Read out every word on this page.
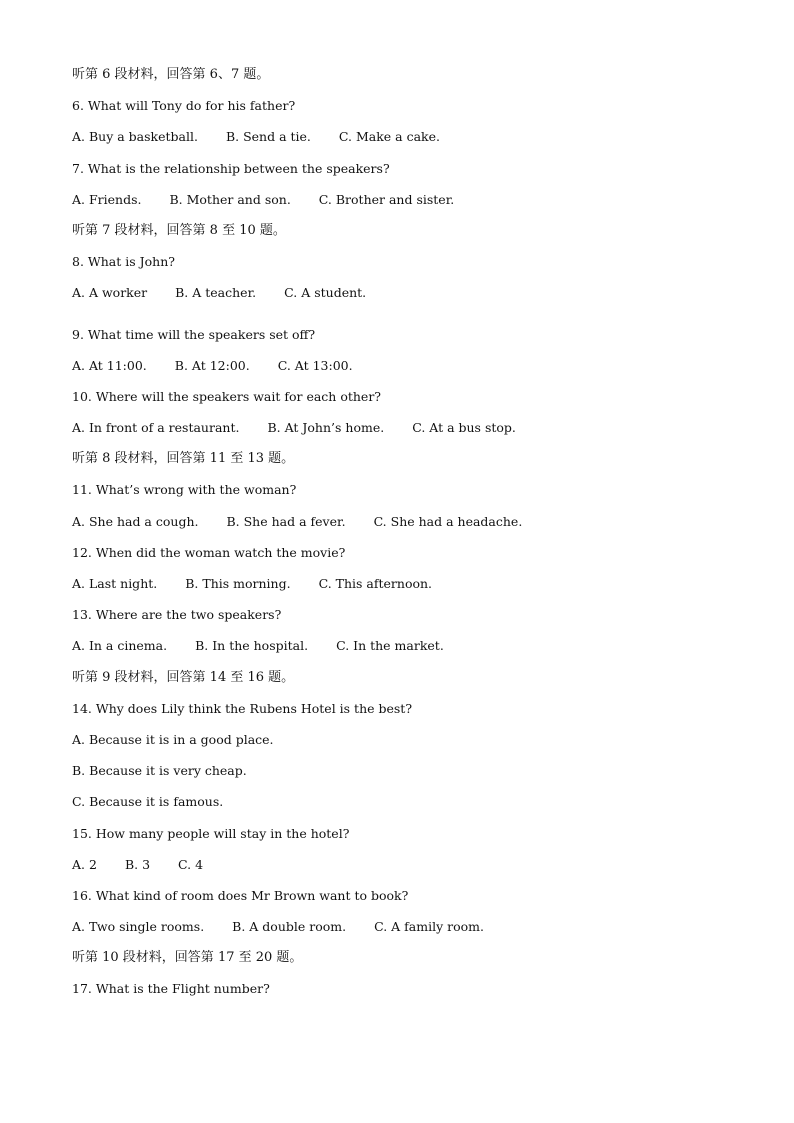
听第 6 段材料，回答第 6、7 题。
6. What will Tony do for his father?
A. Buy a basketball. B. Send a tie. C. Make a cake.
7. What is the relationship between the speakers?
A. Friends. B. Mother and son. C. Brother and sister.
听第 7 段材料，回答第 8 至 10 题。
8. What is John?
A. A worker B. A teacher. C. A student.
9. What time will the speakers set off?
A. At 11:00. B. At 12:00. C. At 13:00.
10. Where will the speakers wait for each other?
A. In front of a restaurant. B. At John’s home. C. At a bus stop.
听第 8 段材料，回答第 11 至 13 题。
11. What’s wrong with the woman?
A. She had a cough. B. She had a fever. C. She had a headache.
12. When did the woman watch the movie?
A. Last night. B. This morning. C. This afternoon.
13. Where are the two speakers?
A. In a cinema. B. In the hospital. C. In the market.
听第 9 段材料，回答第 14 至 16 题。
14. Why does Lily think the Rubens Hotel is the best?
A. Because it is in a good place.
B. Because it is very cheap.
C. Because it is famous.
15. How many people will stay in the hotel?
A. 2 B. 3 C. 4
16. What kind of room does Mr Brown want to book?
A. Two single rooms. B. A double room. C. A family room.
听第 10 段材料，回答第 17 至 20 题。
17. What is the Flight number?
